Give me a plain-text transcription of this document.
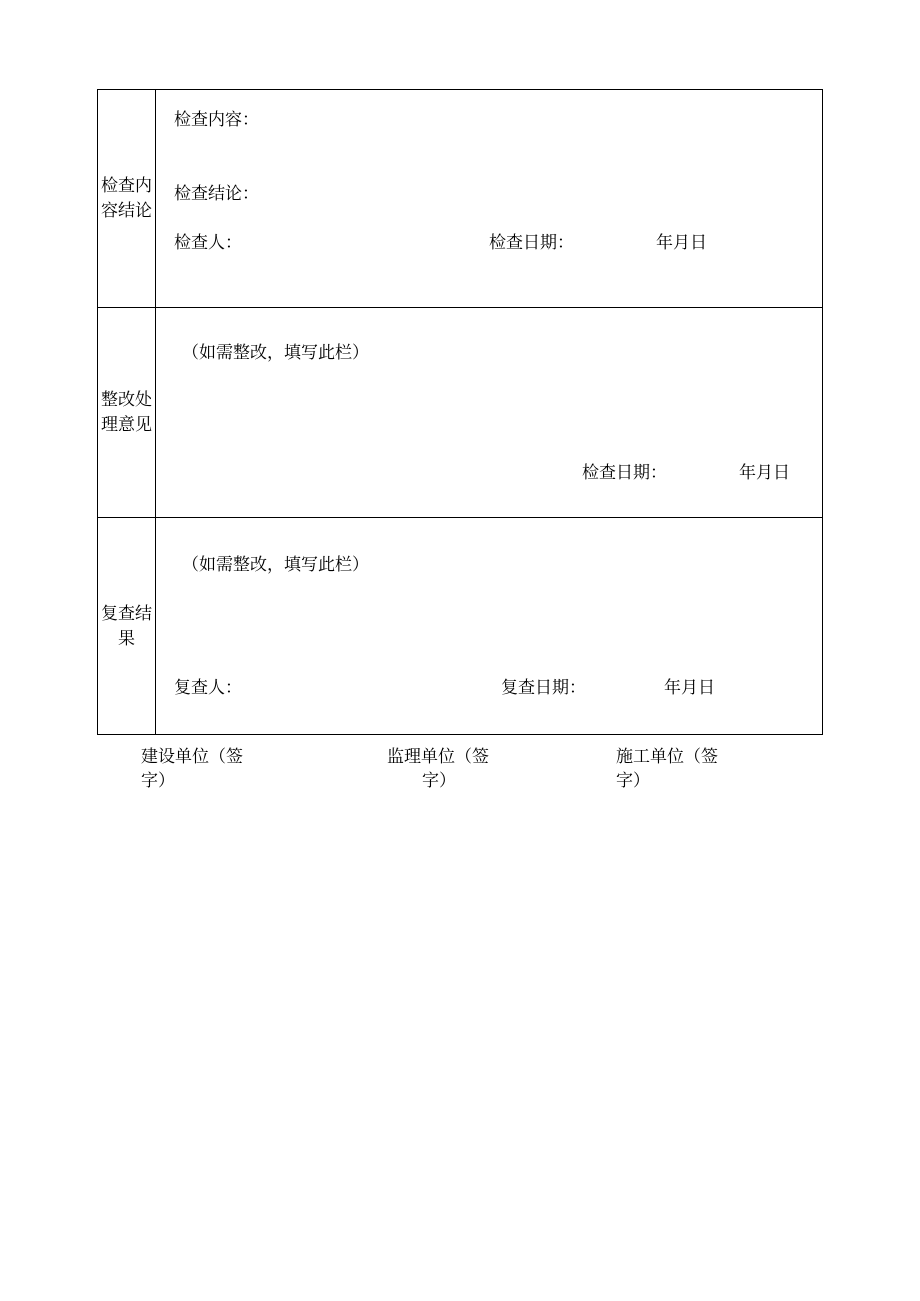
检查内
容结论
检查内容：
检查结论：
检查人：	检查日期：	年月日
整改处
理意见
（如需整改，填写此栏）
检查日期：	年月日
复查结
果
（如需整改，填写此栏）
复查人：	复查日期：	年月日
建设单位（签
字）
监理单位（签
字）
施工单位（签
字）
